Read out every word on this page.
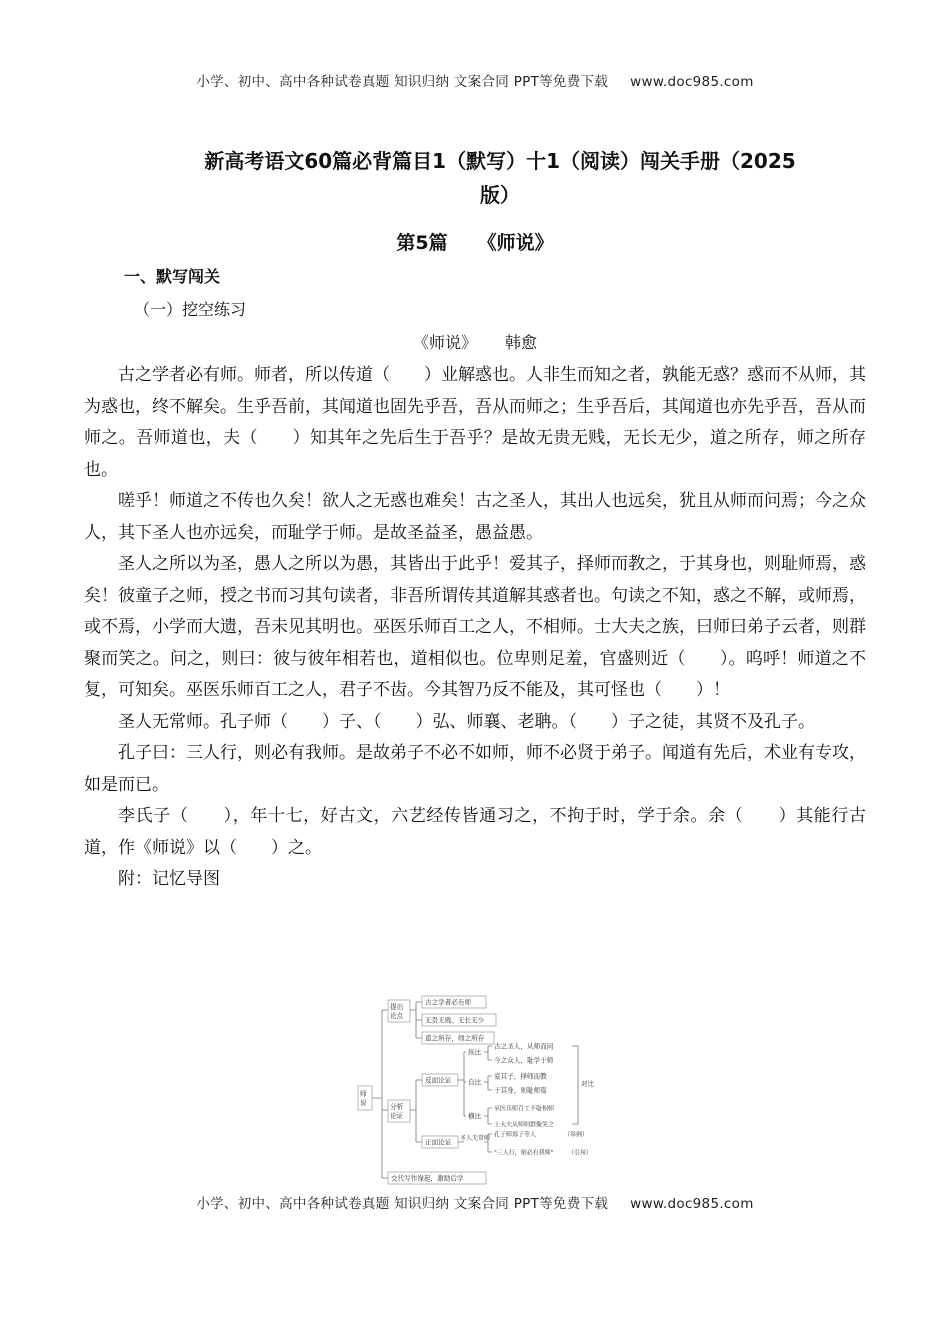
小学、初中、高中各种试卷真题 知识归纳 文案合同 PPT等免费下载 www.doc985.com
新高考语文60篇必背篇目1（默写）十1（阅读）闯关手册（2025
版）
第5篇 《师说》
一、默写闯关
（一）挖空练习
《师说》 韩愈

古之学者必有师。师者，所以传道（　　）业解惑也。人非生而知之者，孰能无惑？惑而不从师，其为惑也，终不解矣。生乎吾前，其闻道也固先乎吾，吾从而师之；生乎吾后，其闻道也亦先乎吾，吾从而师之。吾师道也，夫（　　）知其年之先后生于吾乎？是故无贵无贱，无长无少，道之所存，师之所存也。

嗟乎！师道之不传也久矣！欲人之无惑也难矣！古之圣人，其出人也远矣，犹且从师而问焉；今之众人，其下圣人也亦远矣，而耻学于师。是故圣益圣，愚益愚。

圣人之所以为圣，愚人之所以为愚，其皆出于此乎！爱其子，择师而教之，于其身也，则耻师焉，惑矣！彼童子之师，授之书而习其句读者，非吾所谓传其道解其惑者也。句读之不知，惑之不解，或师焉，或不焉，小学而大遗，吾未见其明也。巫医乐师百工之人，不相师。士大夫之族，曰师曰弟子云者，则群聚而笑之。问之，则曰：彼与彼年相若也，道相似也。位卑则足羞，官盛则近（　　）。呜呼！师道之不复，可知矣。巫医乐师百工之人，君子不齿。今其智乃反不能及，其可怪也（　　）！

圣人无常师。孔子师（　　）子、（　　）弘、师襄、老聃。（　　）子之徒，其贤不及孔子。

孔子曰：三人行，则必有我师。是故弟子不必不如师，师不必贤于弟子。闻道有先后，术业有专攻，如是而已。

李氏子（　　），年十七，好古文，六艺经传皆通习之，不拘于时，学于余。余（　　）其能行古道，作《师说》以（　　）之。

附：记忆导图

师
说
提出
论点
分析
论证
古之学者必有师
无贵无贱、无长无少
道之所存，师之所存
反面论证
正面论证
纵比
自比
横比
古之圣人，从师而问
今之众人，耻学于师
爱其子，择师而教
于其身，则耻师焉
巫医乐师百工不耻相师
士大夫从师则群聚笑之
对比
圣人无常师 孔子师郯子等人
"三人行，则必有我师"
（举例）
（引用）
交代写作缘起，激励后学
小学、初中、高中各种试卷真题 知识归纳 文案合同 PPT等免费下载 www.doc985.com
